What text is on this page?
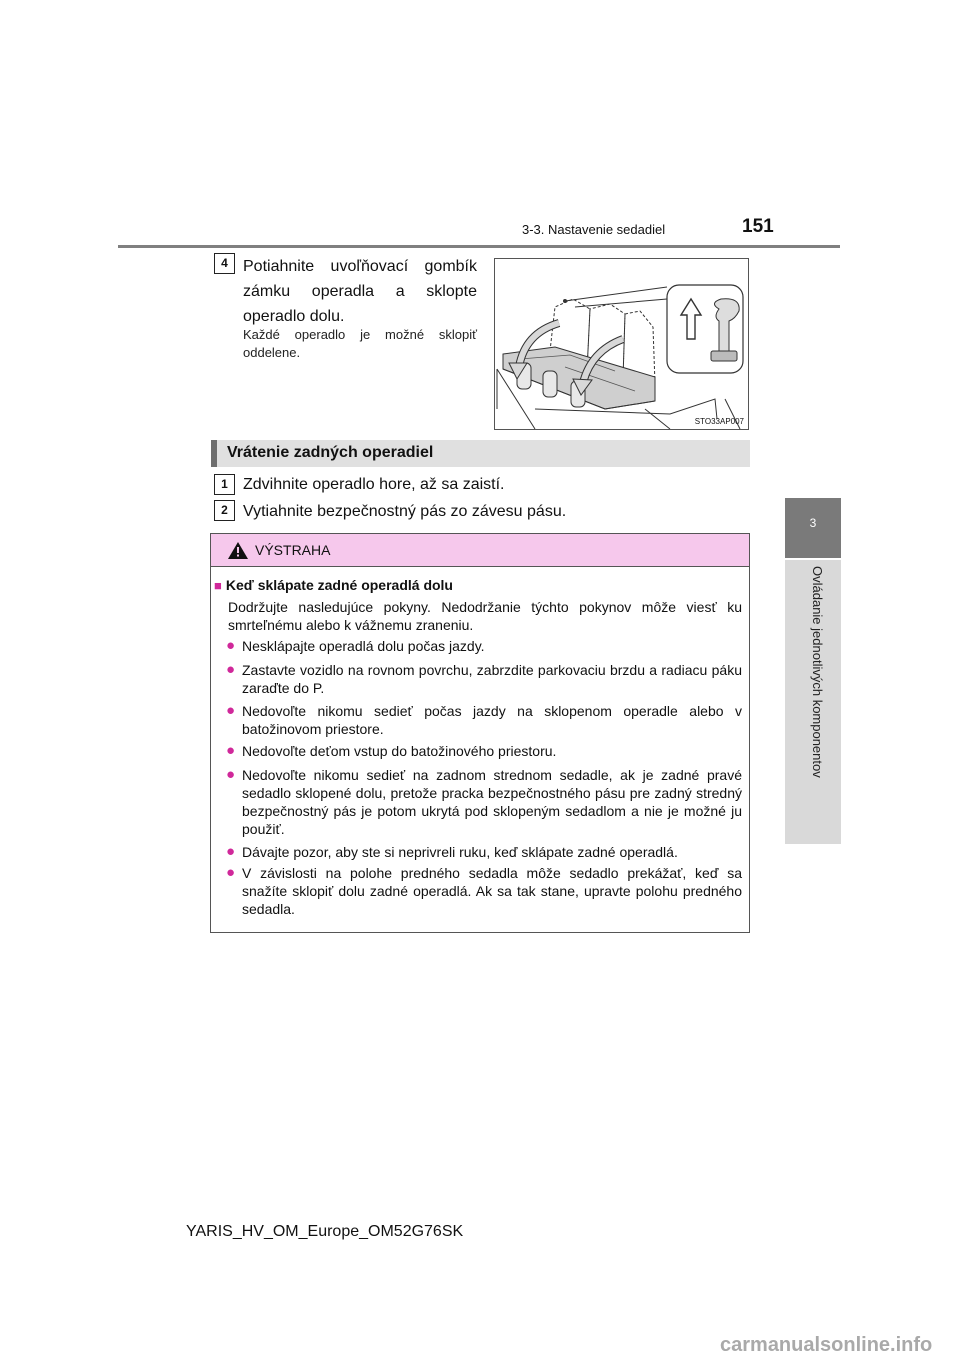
3-3. Nastavenie sedadiel	151
3
Ovládanie jednotlivých komponentov
4 Potiahnite uvoľňovací gombík zámku operadla a sklopte operadlo dolu.
Každé operadlo je možné sklopiť oddelene.
STO33AP007
Vrátenie zadných operadiel
1 Zdvihnite operadlo hore, až sa zaistí.
2 Vytiahnite bezpečnostný pás zo závesu pásu.
VÝSTRAHA
■ Keď sklápate zadné operadlá dolu
Dodržujte nasledujúce pokyny. Nedodržanie týchto pokynov môže viesť ku smrteľnému alebo k vážnemu zraneniu.
● Nesklápajte operadlá dolu počas jazdy.
● Zastavte vozidlo na rovnom povrchu, zabrzdite parkovaciu brzdu a radiacu páku zaraďte do P.
● Nedovoľte nikomu sedieť počas jazdy na sklopenom operadle alebo v batožinovom priestore.
● Nedovoľte deťom vstup do batožinového priestoru.
● Nedovoľte nikomu sedieť na zadnom strednom sedadle, ak je zadné pravé sedadlo sklopené dolu, pretože pracka bezpečnostného pásu pre zadný stredný bezpečnostný pás je potom ukrytá pod sklopeným sedadlom a nie je možné ju použiť.
● Dávajte pozor, aby ste si neprivreli ruku, keď sklápate zadné operadlá.
● V závislosti na polohe predného sedadla môže sedadlo prekážať, keď sa snažíte sklopiť dolu zadné operadlá. Ak sa tak stane, upravte polohu predného sedadla.
YARIS_HV_OM_Europe_OM52G76SK
carmanualsonline.info
